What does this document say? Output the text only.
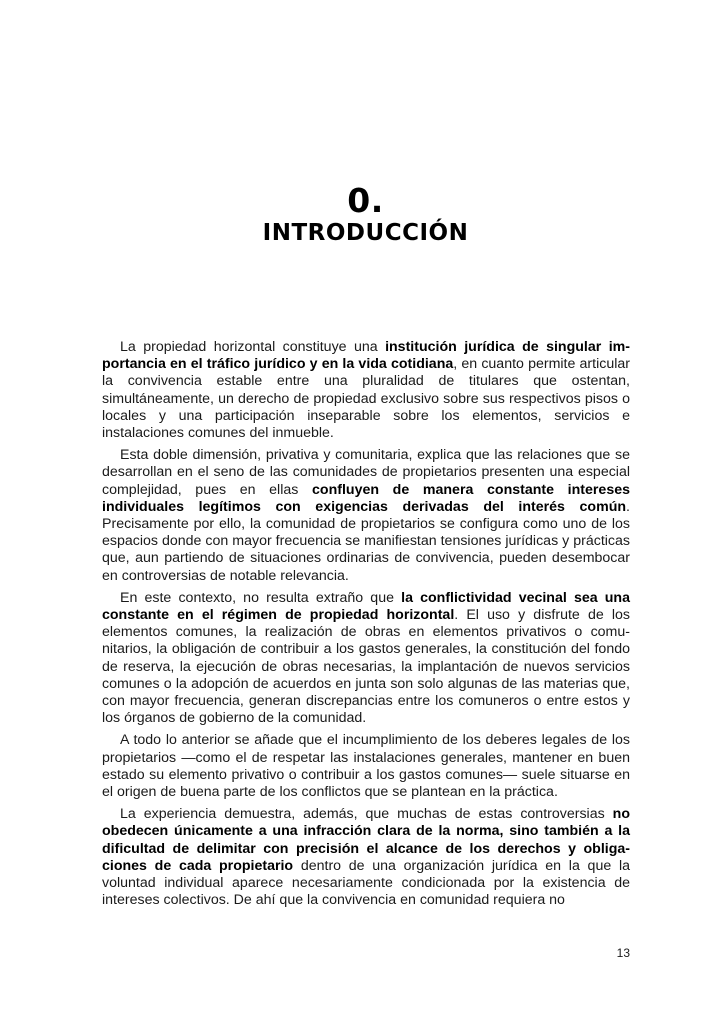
0.
INTRODUCCIÓN

La propiedad horizontal constituye una institución jurídica de singular importancia en el tráfico jurídico y en la vida cotidiana, en cuanto permite articular la convivencia estable entre una pluralidad de titulares que ostentan, simultáneamente, un derecho de propiedad exclusivo sobre sus respectivos pisos o locales y una participación inseparable sobre los elementos, servicios e instalaciones comunes del inmueble.

Esta doble dimensión, privativa y comunitaria, explica que las relaciones que se desarrollan en el seno de las comunidades de propietarios presenten una especial complejidad, pues en ellas confluyen de manera constante intereses individuales legítimos con exigencias derivadas del interés común. Precisamente por ello, la comunidad de propietarios se configura como uno de los espacios donde con mayor frecuencia se manifiestan tensiones jurídicas y prácticas que, aun partiendo de situaciones ordinarias de convivencia, pueden desembocar en controversias de notable relevancia.

En este contexto, no resulta extraño que la conflictividad vecinal sea una constante en el régimen de propiedad horizontal. El uso y disfrute de los elementos comunes, la realización de obras en elementos privativos o comunitarios, la obligación de contribuir a los gastos generales, la constitución del fondo de reserva, la ejecución de obras necesarias, la implantación de nuevos servicios comunes o la adopción de acuerdos en junta son solo algunas de las materias que, con mayor frecuencia, generan discrepancias entre los comuneros o entre estos y los órganos de gobierno de la comunidad.

A todo lo anterior se añade que el incumplimiento de los deberes legales de los propietarios —como el de respetar las instalaciones generales, mantener en buen estado su elemento privativo o contribuir a los gastos comunes— suele situarse en el origen de buena parte de los conflictos que se plantean en la práctica.

La experiencia demuestra, además, que muchas de estas controversias no obedecen únicamente a una infracción clara de la norma, sino también a la dificultad de delimitar con precisión el alcance de los derechos y obligaciones de cada propietario dentro de una organización jurídica en la que la voluntad individual aparece necesariamente condicionada por la existencia de intereses colectivos. De ahí que la convivencia en comunidad requiera no

13
